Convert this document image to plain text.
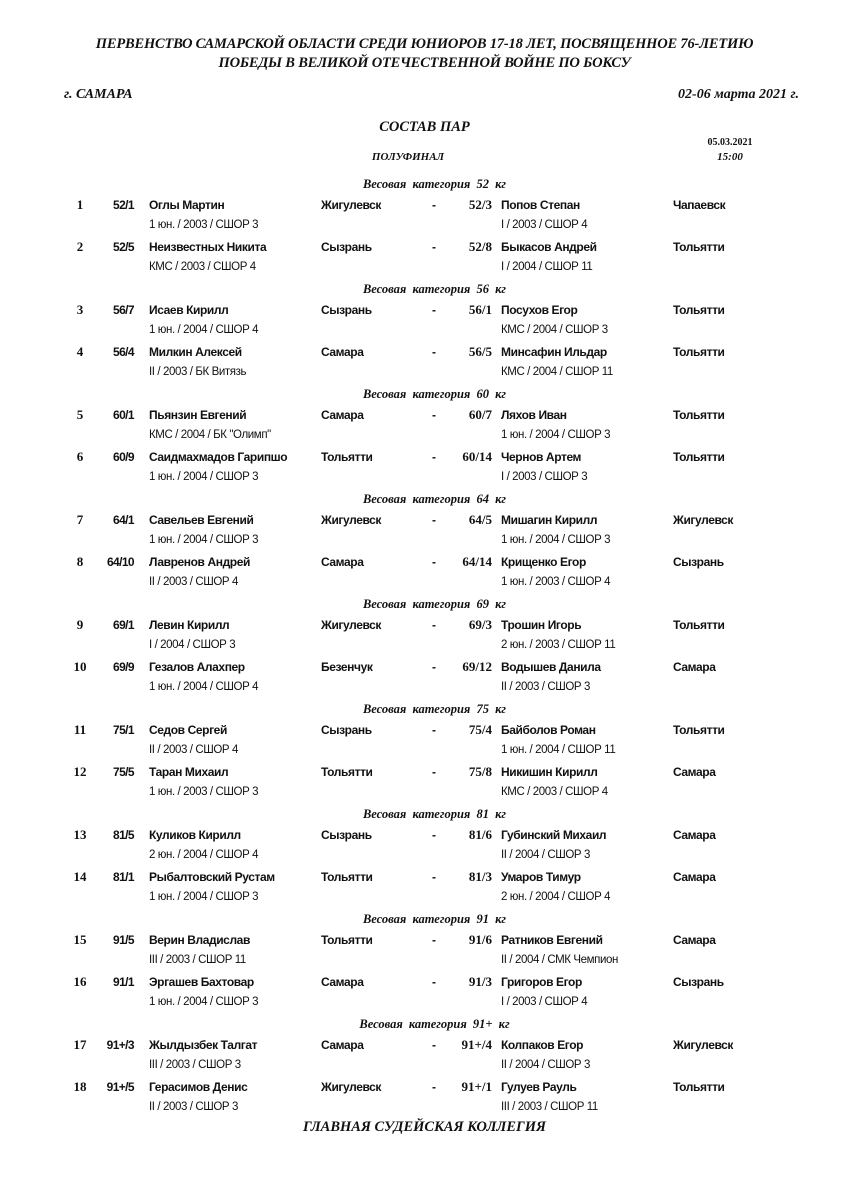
ПЕРВЕНСТВО САМАРСКОЙ ОБЛАСТИ СРЕДИ ЮНИОРОВ 17-18 ЛЕТ, ПОСВЯЩЕННОЕ 76-ЛЕТИЮ
ПОБЕДЫ В ВЕЛИКОЙ ОТЕЧЕСТВЕННОЙ ВОЙНЕ ПО БОКСУ
г. САМАРА	02-06 марта 2021 г.
СОСТАВ ПАР
05.03.2021
15:00
ПОЛУФИНАЛ
Весовая категория 52 кг
1	52/1 Оглы Мартин	Жигулевск	-	52/3 Попов Степан	Чапаевск
1 юн. / 2003 / СШОР 3	I / 2003 / СШОР 4
2	52/5 Неизвестных Никита	Сызрань	-	52/8 Быкасов Андрей	Тольятти
КМС / 2003 / СШОР 4	I / 2004 / СШОР 11
Весовая категория 56 кг
3	56/7 Исаев Кирилл	Сызрань	-	56/1 Посухов Егор	Тольятти
1 юн. / 2004 / СШОР 4	КМС / 2004 / СШОР 3
4	56/4 Милкин Алексей	Самара	-	56/5 Минсафин Ильдар	Тольятти
II / 2003 / БК Витязь	КМС / 2004 / СШОР 11
Весовая категория 60 кг
5	60/1 Пьянзин Евгений	Самара	-	60/7 Ляхов Иван	Тольятти
КМС / 2004 / БК "Олимп"	1 юн. / 2004 / СШОР 3
6	60/9 Саидмахмадов Гарипшо	Тольятти	-	60/14 Чернов Артем	Тольятти
1 юн. / 2004 / СШОР 3	I / 2003 / СШОР 3
Весовая категория 64 кг
7	64/1 Савельев Евгений	Жигулевск	-	64/5 Мишагин Кирилл	Жигулевск
1 юн. / 2004 / СШОР 3	1 юн. / 2004 / СШОР 3
8	64/10 Лавренов Андрей	Самара	-	64/14 Крищенко Егор	Сызрань
II / 2003 / СШОР 4	1 юн. / 2003 / СШОР 4
Весовая категория 69 кг
9	69/1 Левин Кирилл	Жигулевск	-	69/3 Трошин Игорь	Тольятти
I / 2004 / СШОР 3	2 юн. / 2003 / СШОР 11
10	69/9 Гезалов Алахпер	Безенчук	-	69/12 Водышев Данила	Самара
1 юн. / 2004 / СШОР 4	II / 2003 / СШОР 3
Весовая категория 75 кг
11	75/1 Седов Сергей	Сызрань	-	75/4 Байболов Роман	Тольятти
II / 2003 / СШОР 4	1 юн. / 2004 / СШОР 11
12	75/5 Таран Михаил	Тольятти	-	75/8 Никишин Кирилл	Самара
1 юн. / 2003 / СШОР 3	КМС / 2003 / СШОР 4
Весовая категория 81 кг
13	81/5 Куликов Кирилл	Сызрань	-	81/6 Губинский Михаил	Самара
2 юн. / 2004 / СШОР 4	II / 2004 / СШОР 3
14	81/1 Рыбалтовский Рустам	Тольятти	-	81/3 Умаров Тимур	Самара
1 юн. / 2004 / СШОР 3	2 юн. / 2004 / СШОР 4
Весовая категория 91 кг
15	91/5 Верин Владислав	Тольятти	-	91/6 Ратников Евгений	Самара
III / 2003 / СШОР 11	II / 2004 / СМК Чемпион
16	91/1 Эргашев Бахтовар	Самара	-	91/3 Григоров Егор	Сызрань
1 юн. / 2004 / СШОР 3	I / 2003 / СШОР 4
Весовая категория 91+ кг
17	91+/3 Жылдызбек Талгат	Самара	-	91+/4 Колпаков Егор	Жигулевск
III / 2003 / СШОР 3	II / 2004 / СШОР 3
18	91+/5 Герасимов Денис	Жигулевск	-	91+/1 Гулуев Рауль	Тольятти
II / 2003 / СШОР 3	III / 2003 / СШОР 11
ГЛАВНАЯ СУДЕЙСКАЯ КОЛЛЕГИЯ
